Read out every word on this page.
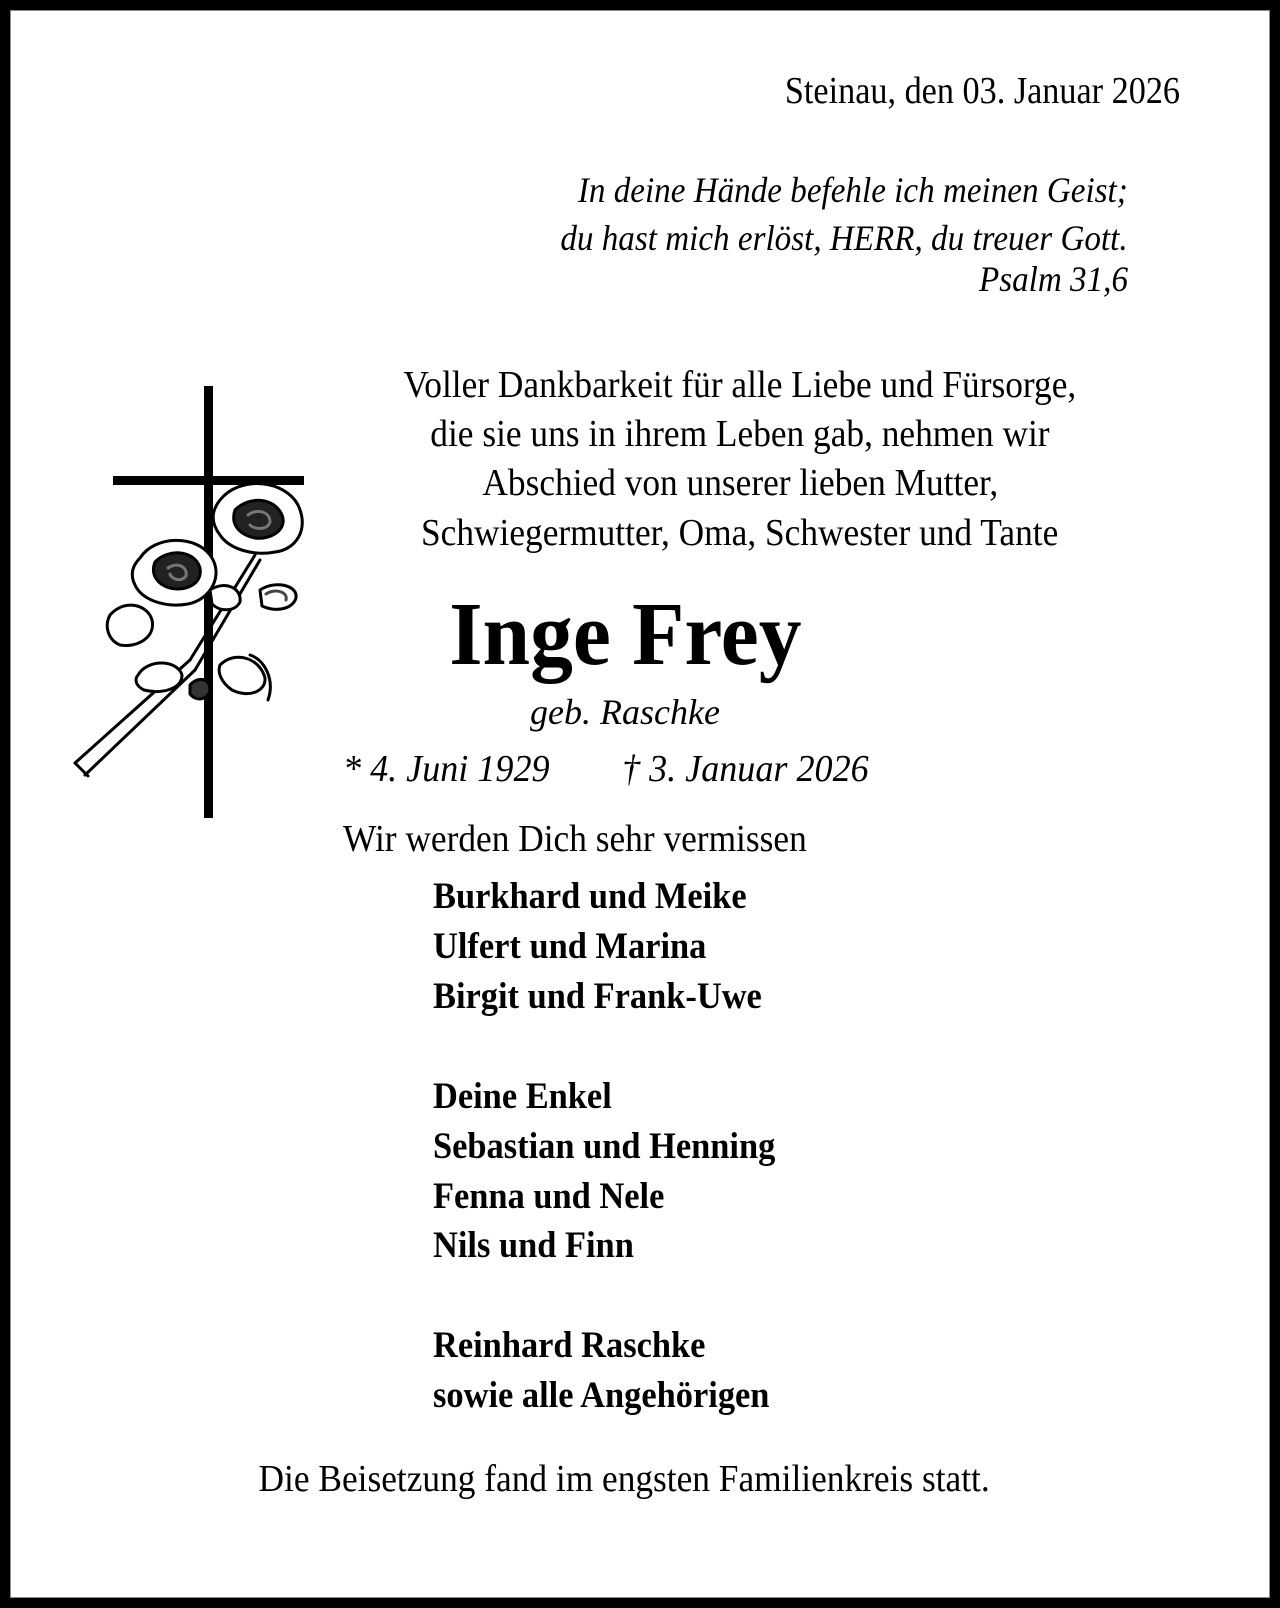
Steinau, den 03. Januar 2026
In deine Hände befehle ich meinen Geist;
du hast mich erlöst, HERR, du treuer Gott.
Psalm 31,6
Voller Dankbarkeit für alle Liebe und Fürsorge,
die sie uns in ihrem Leben gab, nehmen wir
Abschied von unserer lieben Mutter,
Schwiegermutter, Oma, Schwester und Tante
Inge Frey
geb. Raschke
* 4. Juni 1929 † 3. Januar 2026
Wir werden Dich sehr vermissen
Burkhard und Meike
Ulfert und Marina
Birgit und Frank-Uwe
Deine Enkel
Sebastian und Henning
Fenna und Nele
Nils und Finn
Reinhard Raschke
sowie alle Angehörigen
Die Beisetzung fand im engsten Familienkreis statt.
